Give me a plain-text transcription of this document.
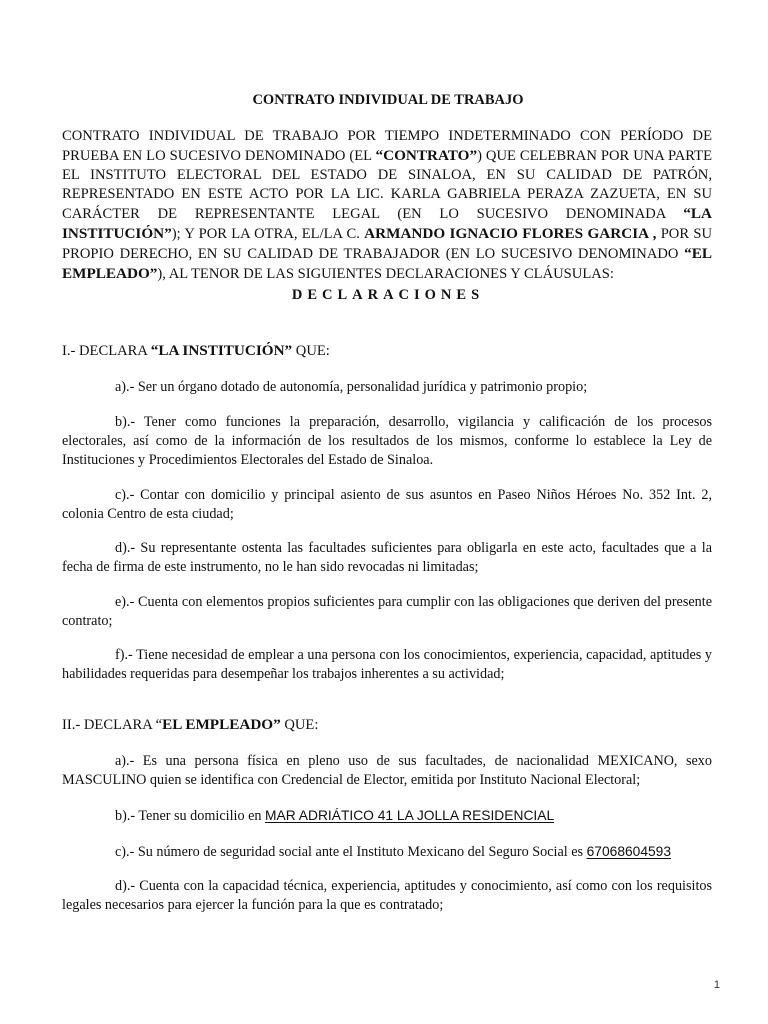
CONTRATO INDIVIDUAL DE TRABAJO

CONTRATO INDIVIDUAL DE TRABAJO POR TIEMPO INDETERMINADO CON PERÍODO DE PRUEBA EN LO SUCESIVO DENOMINADO (EL “CONTRATO”) QUE CELEBRAN POR UNA PARTE EL INSTITUTO ELECTORAL DEL ESTADO DE SINALOA, EN SU CALIDAD DE PATRÓN, REPRESENTADO EN ESTE ACTO POR LA LIC. KARLA GABRIELA PERAZA ZAZUETA, EN SU CARÁCTER DE REPRESENTANTE LEGAL (EN LO SUCESIVO DENOMINADA “LA INSTITUCIÓN”); Y POR LA OTRA, EL/LA C. ARMANDO IGNACIO FLORES GARCIA , POR SU PROPIO DERECHO, EN SU CALIDAD DE TRABAJADOR (EN LO SUCESIVO DENOMINADO “EL EMPLEADO”), AL TENOR DE LAS SIGUIENTES DECLARACIONES Y CLÁUSULAS:

DECLARACIONES

I.- DECLARA “LA INSTITUCIÓN” QUE:

a).- Ser un órgano dotado de autonomía, personalidad jurídica y patrimonio propio;

b).- Tener como funciones la preparación, desarrollo, vigilancia y calificación de los procesos electorales, así como de la información de los resultados de los mismos, conforme lo establece la Ley de Instituciones y Procedimientos Electorales del Estado de Sinaloa.

c).- Contar con domicilio y principal asiento de sus asuntos en Paseo Niños Héroes No. 352 Int. 2, colonia Centro de esta ciudad;

d).- Su representante ostenta las facultades suficientes para obligarla en este acto, facultades que a la fecha de firma de este instrumento, no le han sido revocadas ni limitadas;

e).- Cuenta con elementos propios suficientes para cumplir con las obligaciones que deriven del presente contrato;

f).- Tiene necesidad de emplear a una persona con los conocimientos, experiencia, capacidad, aptitudes y habilidades requeridas para desempeñar los trabajos inherentes a su actividad;

II.- DECLARA “EL EMPLEADO” QUE:

a).- Es una persona física en pleno uso de sus facultades, de nacionalidad MEXICANO, sexo MASCULINO quien se identifica con Credencial de Elector, emitida por Instituto Nacional Electoral;

b).- Tener su domicilio en MAR ADRIÁTICO 41 LA JOLLA RESIDENCIAL

c).- Su número de seguridad social ante el Instituto Mexicano del Seguro Social es 67068604593

d).- Cuenta con la capacidad técnica, experiencia, aptitudes y conocimiento, así como con los requisitos legales necesarios para ejercer la función para la que es contratado;

1
